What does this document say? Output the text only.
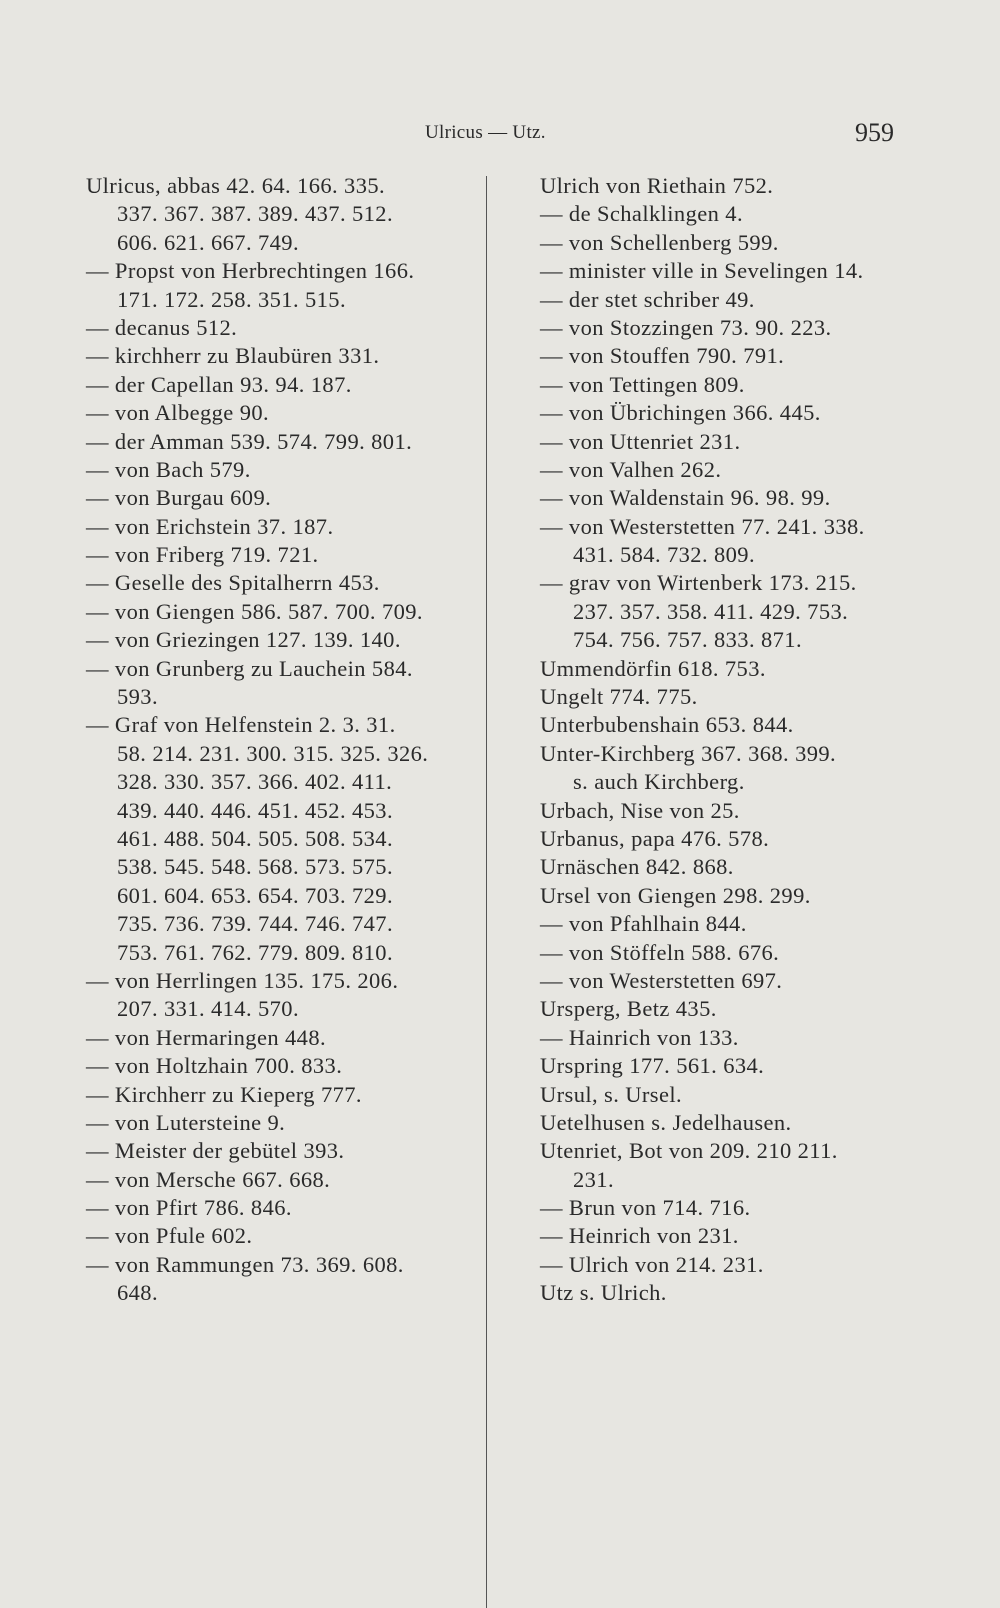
Ulricus — Utz.	959
Ulricus, abbas 42. 64. 166. 335.
337. 367. 387. 389. 437. 512.
606. 621. 667. 749.
— Propst von Herbrechtingen 166.
171. 172. 258. 351. 515.
— decanus 512.
— kirchherr zu Blaubüren 331.
— der Capellan 93. 94. 187.
— von Albegge 90.
— der Amman 539. 574. 799. 801.
— von Bach 579.
— von Burgau 609.
— von Erichstein 37. 187.
— von Friberg 719. 721.
— Geselle des Spitalherrn 453.
— von Giengen 586. 587. 700. 709.
— von Griezingen 127. 139. 140.
— von Grunberg zu Lauchein 584.
593.
— Graf von Helfenstein 2. 3. 31.
58. 214. 231. 300. 315. 325. 326.
328. 330. 357. 366. 402. 411.
439. 440. 446. 451. 452. 453.
461. 488. 504. 505. 508. 534.
538. 545. 548. 568. 573. 575.
601. 604. 653. 654. 703. 729.
735. 736. 739. 744. 746. 747.
753. 761. 762. 779. 809. 810.
— von Herrlingen 135. 175. 206.
207. 331. 414. 570.
— von Hermaringen 448.
— von Holtzhain 700. 833.
— Kirchherr zu Kieperg 777.
— von Lutersteine 9.
— Meister der gebütel 393.
— von Mersche 667. 668.
— von Pfirt 786. 846.
— von Pfule 602.
— von Rammungen 73. 369. 608.
648.
Ulrich von Riethain 752.
— de Schalklingen 4.
— von Schellenberg 599.
— minister ville in Sevelingen 14.
— der stet schriber 49.
— von Stozzingen 73. 90. 223.
— von Stouffen 790. 791.
— von Tettingen 809.
— von Übrichingen 366. 445.
— von Uttenriet 231.
— von Valhen 262.
— von Waldenstain 96. 98. 99.
— von Westerstetten 77. 241. 338.
431. 584. 732. 809.
— grav von Wirtenberk 173. 215.
237. 357. 358. 411. 429. 753.
754. 756. 757. 833. 871.
Ummendörfin 618. 753.
Ungelt 774. 775.
Unterbubenshain 653. 844.
Unter-Kirchberg 367. 368. 399.
s. auch Kirchberg.
Urbach, Nise von 25.
Urbanus, papa 476. 578.
Urnäschen 842. 868.
Ursel von Giengen 298. 299.
— von Pfahlhain 844.
— von Stöffeln 588. 676.
— von Westerstetten 697.
Ursperg, Betz 435.
— Hainrich von 133.
Urspring 177. 561. 634.
Ursul, s. Ursel.
Uetelhusen s. Jedelhausen.
Utenriet, Bot von 209. 210 211.
231.
— Brun von 714. 716.
— Heinrich von 231.
— Ulrich von 214. 231.
Utz s. Ulrich.
